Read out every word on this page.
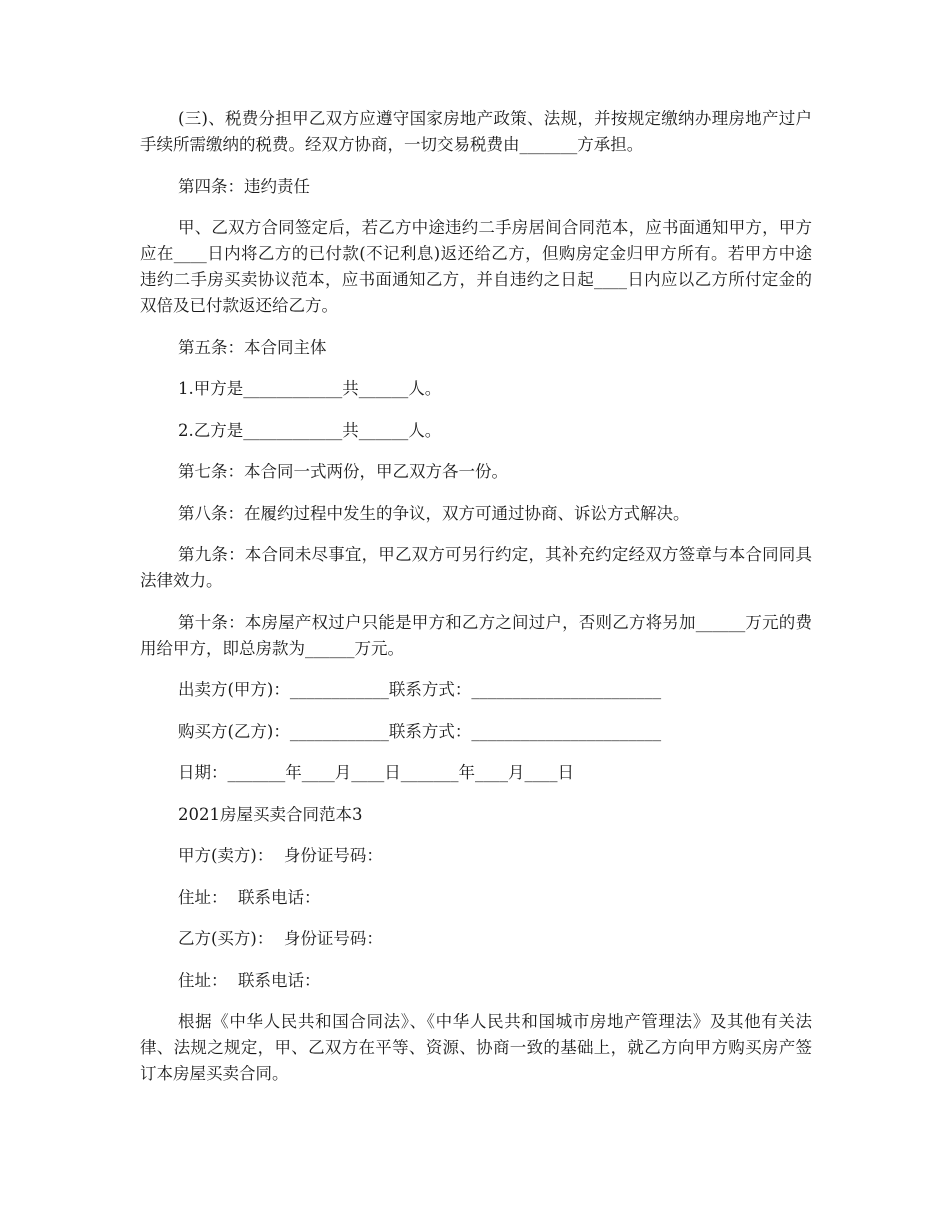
(三)、税费分担甲乙双方应遵守国家房地产政策、法规，并按规定缴纳办理房地产过户手续所需缴纳的税费。经双方协商，一切交易税费由_______方承担。

第四条：违约责任

甲、乙双方合同签定后，若乙方中途违约二手房居间合同范本，应书面通知甲方，甲方应在____日内将乙方的已付款(不记利息)返还给乙方，但购房定金归甲方所有。若甲方中途违约二手房买卖协议范本，应书面通知乙方，并自违约之日起____日内应以乙方所付定金的双倍及已付款返还给乙方。

第五条：本合同主体

1.甲方是____________共______人。

2.乙方是____________共______人。

第七条：本合同一式两份，甲乙双方各一份。

第八条：在履约过程中发生的争议，双方可通过协商、诉讼方式解决。

第九条：本合同未尽事宜，甲乙双方可另行约定，其补充约定经双方签章与本合同同具法律效力。

第十条：本房屋产权过户只能是甲方和乙方之间过户，否则乙方将另加______万元的费用给甲方，即总房款为______万元。

出卖方(甲方)：____________联系方式：_______________________

购买方(乙方)：____________联系方式：_______________________

日期：_______年____月____日_______年____月____日

2021房屋买卖合同范本3

甲方(卖方)：  身份证号码：

住址：  联系电话：

乙方(买方)：  身份证号码：

住址：  联系电话：

根据《中华人民共和国合同法》、《中华人民共和国城市房地产管理法》及其他有关法律、法规之规定，甲、乙双方在平等、资源、协商一致的基础上，就乙方向甲方购买房产签订本房屋买卖合同。
